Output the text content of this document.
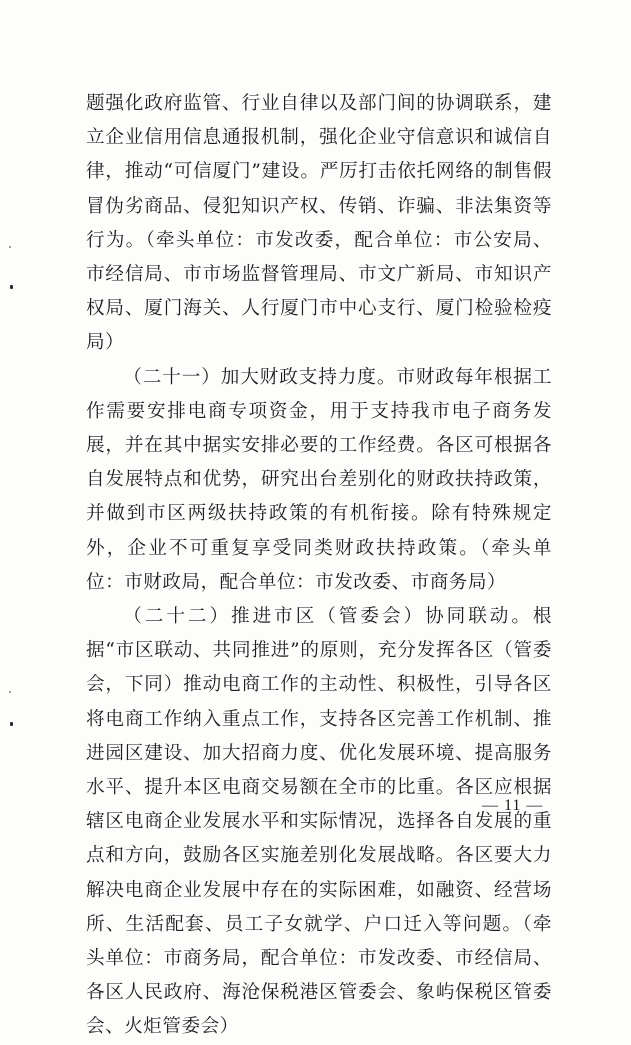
题强化政府监管、行业自律以及部门间的协调联系，建立企业信用信息通报机制，强化企业守信意识和诚信自律，推动“可信厦门”建设。严厉打击依托网络的制售假冒伪劣商品、侵犯知识产权、传销、诈骗、非法集资等行为。（牵头单位：市发改委，配合单位：市公安局、市经信局、市市场监督管理局、市文广新局、市知识产权局、厦门海关、人行厦门市中心支行、厦门检验检疫局）

（二十一）加大财政支持力度。市财政每年根据工作需要安排电商专项资金，用于支持我市电子商务发展，并在其中据实安排必要的工作经费。各区可根据各自发展特点和优势，研究出台差别化的财政扶持政策，并做到市区两级扶持政策的有机衔接。除有特殊规定外，企业不可重复享受同类财政扶持政策。（牵头单位：市财政局，配合单位：市发改委、市商务局）

（二十二）推进市区（管委会）协同联动。根据“市区联动、共同推进”的原则，充分发挥各区（管委会，下同）推动电商工作的主动性、积极性，引导各区将电商工作纳入重点工作，支持各区完善工作机制、推进园区建设、加大招商力度、优化发展环境、提高服务水平、提升本区电商交易额在全市的比重。各区应根据辖区电商企业发展水平和实际情况，选择各自发展的重点和方向，鼓励各区实施差别化发展战略。各区要大力解决电商企业发展中存在的实际困难，如融资、经营场所、生活配套、员工子女就学、户口迁入等问题。（牵头单位：市商务局，配合单位：市发改委、市经信局、各区人民政府、海沧保税港区管委会、象屿保税区管委会、火炬管委会）

— 11 —
